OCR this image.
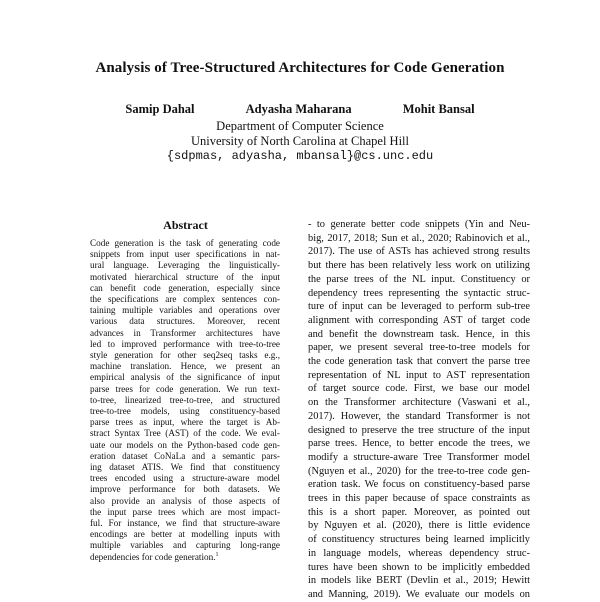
Analysis of Tree-Structured Architectures for Code Generation
Samip Dahal	Adyasha Maharana	Mohit Bansal
Department of Computer Science
University of North Carolina at Chapel Hill
{sdpmas, adyasha, mbansal}@cs.unc.edu
Abstract
Code generation is the task of generating code
snippets from input user specifications in nat-
ural language. Leveraging the linguistically-
motivated hierarchical structure of the input
can benefit code generation, especially since
the specifications are complex sentences con-
taining multiple variables and operations over
various data structures. Moreover, recent
advances in Transformer architectures have
led to improved performance with tree-to-tree
style generation for other seq2seq tasks e.g.,
machine translation. Hence, we present an
empirical analysis of the significance of input
parse trees for code generation. We run text-
to-tree, linearized tree-to-tree, and structured
tree-to-tree models, using constituency-based
parse trees as input, where the target is Ab-
stract Syntax Tree (AST) of the code. We eval-
uate our models on the Python-based code gen-
eration dataset CoNaLa and a semantic pars-
ing dataset ATIS. We find that constituency
trees encoded using a structure-aware model
improve performance for both datasets. We
also provide an analysis of those aspects of
the input parse trees which are most impact-
ful. For instance, we find that structure-aware
encodings are better at modelling inputs with
multiple variables and capturing long-range
dependencies for code generation.$^1$
- to generate better code snippets (Yin and Neu-
big, 2017, 2018; Sun et al., 2020; Rabinovich et al.,
2017). The use of ASTs has achieved strong results
but there has been relatively less work on utilizing
the parse trees of the NL input. Constituency or
dependency trees representing the syntactic struc-
ture of input can be leveraged to perform sub-tree
alignment with corresponding AST of target code
and benefit the downstream task. Hence, in this
paper, we present several tree-to-tree models for
the code generation task that convert the parse tree
representation of NL input to AST representation
of target source code. First, we base our model
on the Transformer architecture (Vaswani et al.,
2017). However, the standard Transformer is not
designed to preserve the tree structure of the input
parse trees. Hence, to better encode the trees, we
modify a structure-aware Tree Transformer model
(Nguyen et al., 2020) for the tree-to-tree code gen-
eration task. We focus on constituency-based parse
trees in this paper because of space constraints as
this is a short paper. Moreover, as pointed out
by Nguyen et al. (2020), there is little evidence
of constituency structures being learned implicitly
in language models, whereas dependency struc-
tures have been shown to be implicitly embedded
in models like BERT (Devlin et al., 2019; Hewitt
and Manning, 2019). We evaluate our models on
